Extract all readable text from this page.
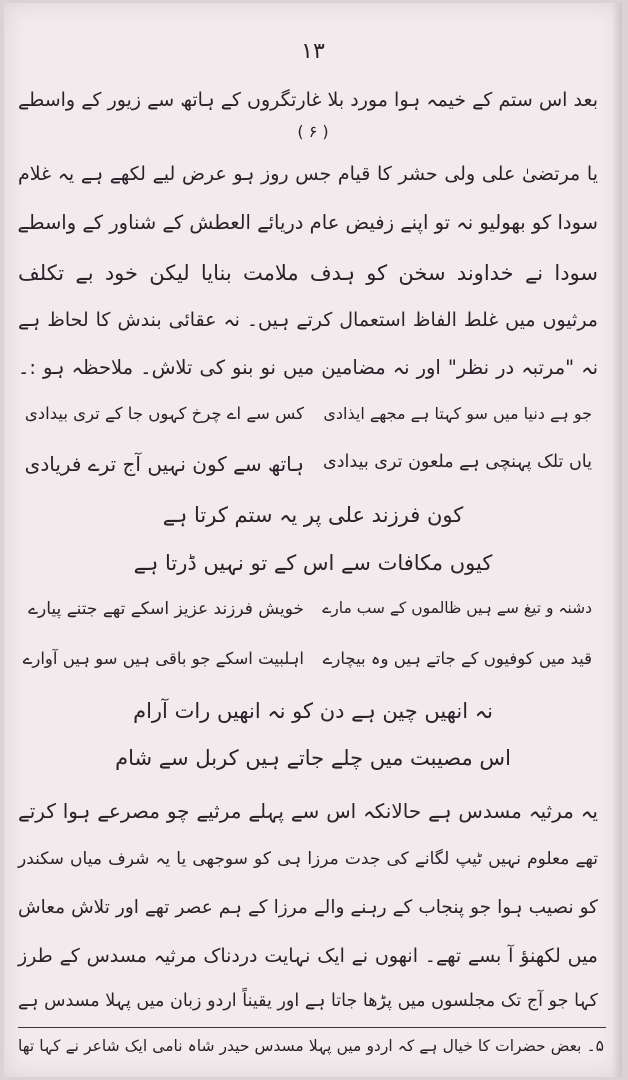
۱۳
بعد اس ستم کے خیمہ ہوا مورد بلا غارتگروں کے ہاتھ سے زیور کے واسطے
( ۶ )
یا مرتضیٰ علی ولی حشر کا قیام جس روز ہو عرض لیے لکھے ہے یہ غلام
سودا کو بھولیو نہ تو اپنے زفیض عام دریائے العطش کے شناور کے واسطے
سودا نے خداوند سخن کو ہدف ملامت بنایا لیکن خود بے تکلف
مرثیوں میں غلط الفاظ استعمال کرتے ہیں۔ نہ عقائی بندش کا لحاظ ہے
نہ "مرتبہ در نظر" اور نہ مضامین میں نو بنو کی تلاش۔ ملاحظہ ہو :۔
کس سے اے چرخ کہوں جا کے تری بیدادی جو ہے دنیا میں سو کہتا ہے مجھے ایذادی
ہاتھ سے کون نہیں آج ترے فریادی یاں تلک پہنچی ہے ملعون تری بیدادی
کون فرزند علی پر یہ ستم کرتا ہے
کیوں مکافات سے اس کے تو نہیں ڈرتا ہے
خویش فرزند عزیز اسکے تھے جتنے پیارے دشنہ و تیغ سے ہیں ظالموں کے سب مارے
اہلبیت اسکے جو باقی ہیں سو ہیں آوارے قید میں کوفیوں کے جاتے ہیں وہ بیچارے
نہ انھیں چین ہے دن کو نہ انھیں رات آرام
اس مصیبت میں چلے جاتے ہیں کربل سے شام
یہ مرثیہ مسدس ہے حالانکہ اس سے پہلے مرثیے چو مصرعے ہوا کرتے
تھے معلوم نہیں ٹیپ لگانے کی جدت مرزا ہی کو سوجھی یا یہ شرف میاں سکندر
کو نصیب ہوا جو پنجاب کے رہنے والے مرزا کے ہم عصر تھے اور تلاش معاش
میں لکھنؤ آ بسے تھے۔ انھوں نے ایک نہایت دردناک مرثیہ مسدس کے طرز
کہا جو آج تک مجلسوں میں پڑھا جاتا ہے اور یقیناً اردو زبان میں پہلا مسدس ہے
۵۔ بعض حضرات کا خیال ہے کہ اردو میں پہلا مسدس حیدر شاہ نامی ایک شاعر نے کہا تھا
